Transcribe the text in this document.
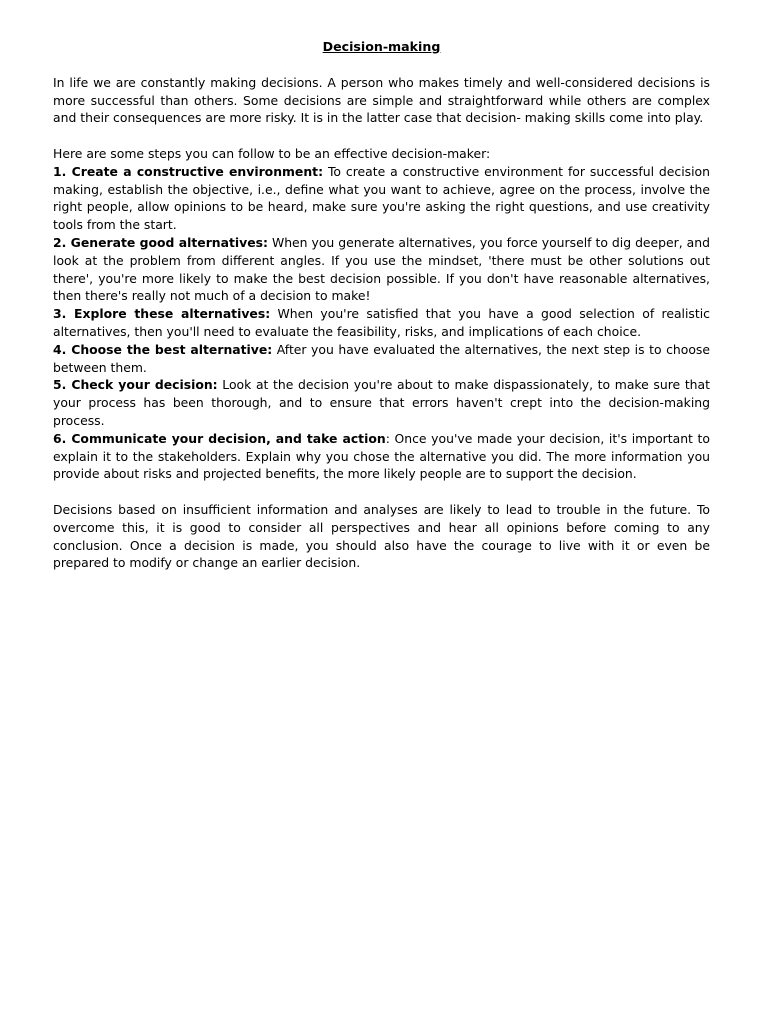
Decision-making

In life we are constantly making decisions. A person who makes timely and well-considered decisions is more successful than others. Some decisions are simple and straightforward while others are complex and their consequences are more risky. It is in the latter case that decision- making skills come into play.

Here are some steps you can follow to be an effective decision-maker:

1. Create a constructive environment: To create a constructive environment for successful decision making, establish the objective, i.e., define what you want to achieve, agree on the process, involve the right people, allow opinions to be heard, make sure you're asking the right questions, and use creativity tools from the start.

2. Generate good alternatives: When you generate alternatives, you force yourself to dig deeper, and look at the problem from different angles. If you use the mindset, 'there must be other solutions out there', you're more likely to make the best decision possible. If you don't have reasonable alternatives, then there's really not much of a decision to make!

3. Explore these alternatives: When you're satisfied that you have a good selection of realistic alternatives, then you'll need to evaluate the feasibility, risks, and implications of each choice.

4. Choose the best alternative: After you have evaluated the alternatives, the next step is to choose between them.

5. Check your decision: Look at the decision you're about to make dispassionately, to make sure that your process has been thorough, and to ensure that errors haven't crept into the decision-making process.

6. Communicate your decision, and take action: Once you've made your decision, it's important to explain it to the stakeholders. Explain why you chose the alternative you did. The more information you provide about risks and projected benefits, the more likely people are to support the decision.

Decisions based on insufficient information and analyses are likely to lead to trouble in the future. To overcome this, it is good to consider all perspectives and hear all opinions before coming to any conclusion. Once a decision is made, you should also have the courage to live with it or even be prepared to modify or change an earlier decision.
